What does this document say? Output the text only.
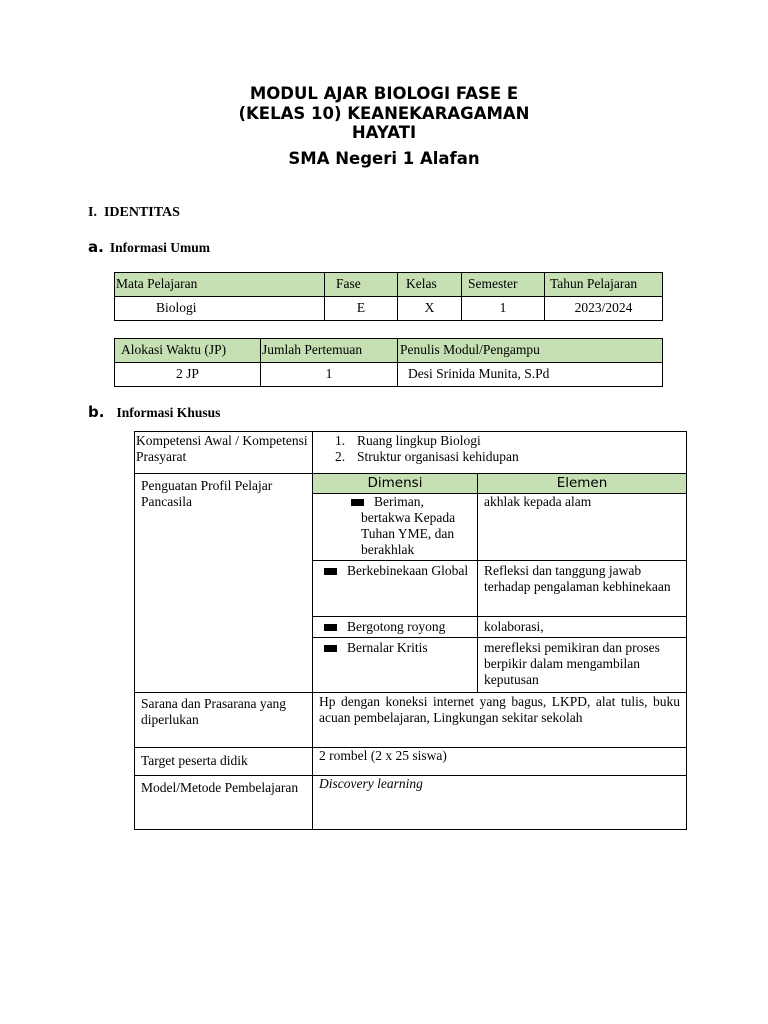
MODUL AJAR BIOLOGI FASE E
(KELAS 10) KEANEKARAGAMAN
HAYATI
SMA Negeri 1 Alafan
I. IDENTITAS
a. Informasi Umum
Mata Pelajaran	Fase	Kelas	Semester	Tahun Pelajaran
Biologi	E	X	1	2023/2024
Alokasi Waktu (JP)	Jumlah Pertemuan	Penulis Modul/Pengampu
2 JP	1	Desi Srinida Munita, S.Pd
b. Informasi Khusus
Kompetensi Awal / Kompetensi Prasyarat	1. Ruang lingkup Biologi
2. Struktur organisasi kehidupan	

Penguatan Profil Pelajar Pancasila	Dimensi	Elemen

	Beriman, bertakwa Kepada Tuhan YME, dan berakhlak	akhlak kepada alam

	Berkebinekaan Global	Refleksi dan tanggung jawab terhadap pengalaman kebhinekaan
	Bergotong royong	kolaborasi,
	Bernalar Kritis	merefleksi pemikiran dan proses berpikir dalam mengambilan keputusan
Sarana dan Prasarana yang diperlukan	Hp dengan koneksi internet yang bagus, LKPD, alat tulis, buku acuan pembelajaran, Lingkungan sekitar sekolah	
Target peserta didik	2 rombel (2 x 25 siswa)	
Model/Metode Pembelajaran	Discovery learning	
